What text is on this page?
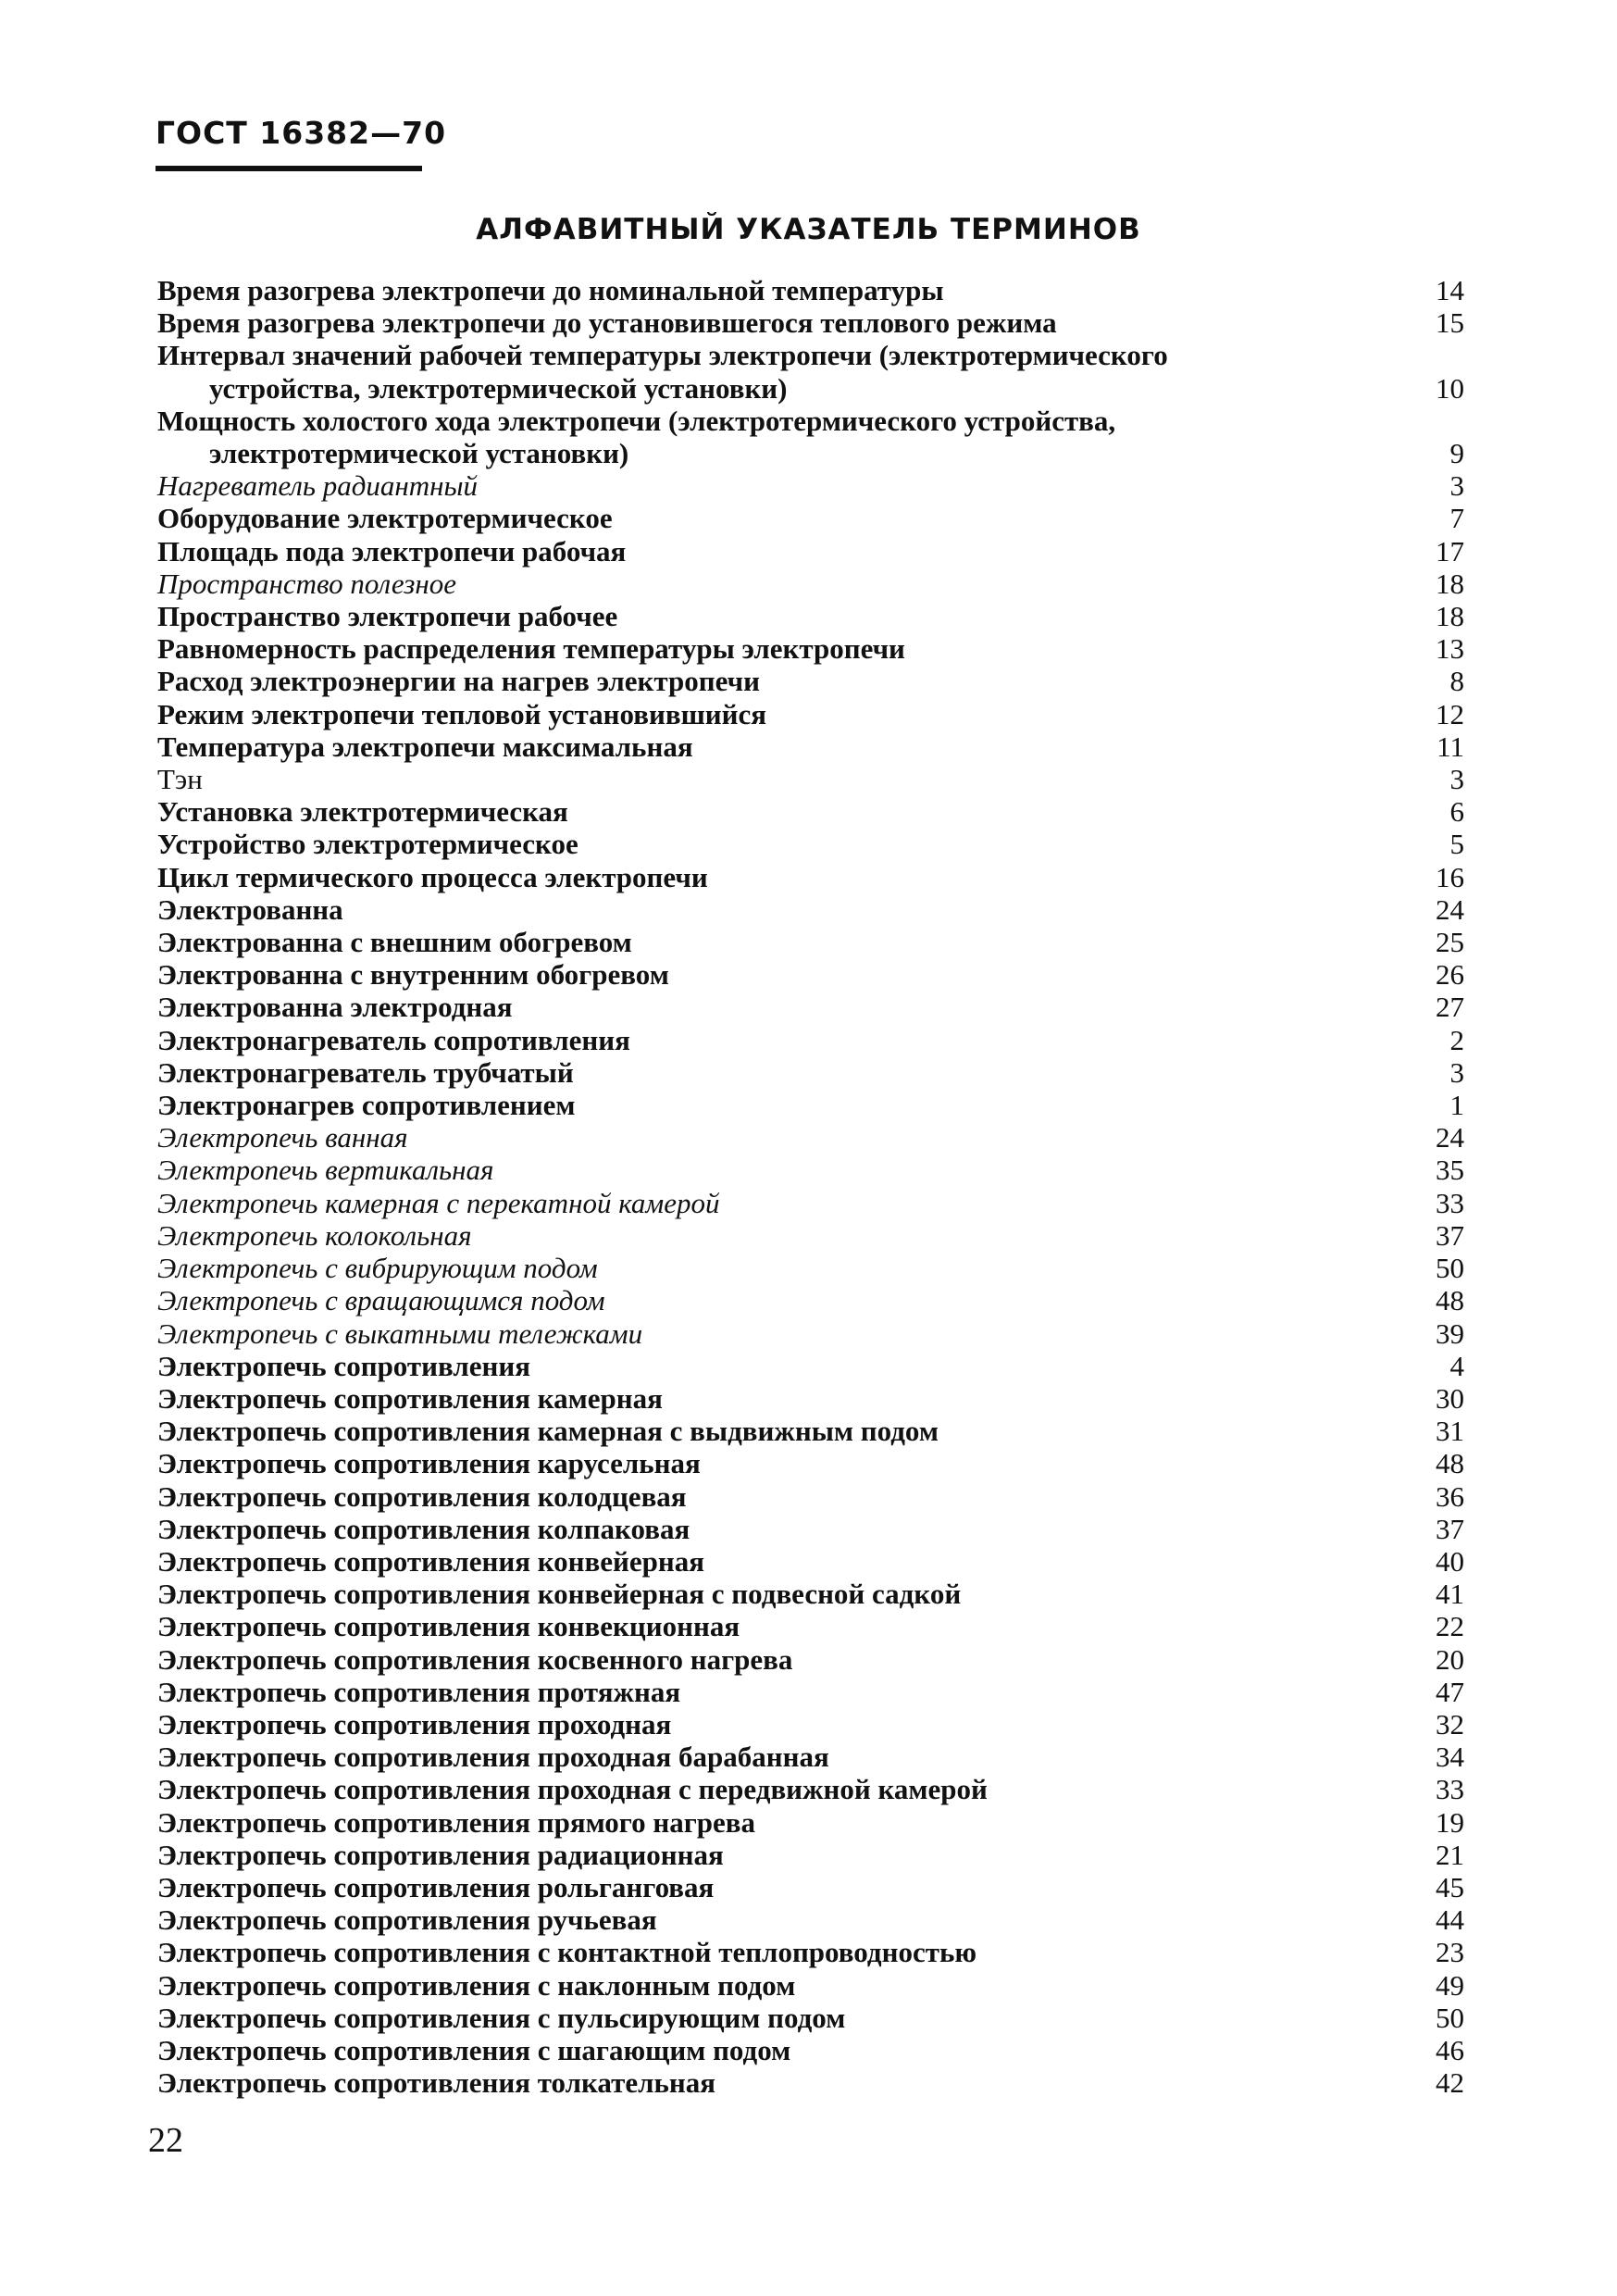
ГОСТ 16382—70

АЛФАВИТНЫЙ УКАЗАТЕЛЬ ТЕРМИНОВ
Время разогрева электропечи до номинальной температуры	14
Время разогрева электропечи до установившегося теплового режима	15
Интервал значений рабочей температуры электропечи (электротермического
устройства, электротермической установки)	10
Мощность холостого хода электропечи (электротермического устройства,
электротермической установки)	9
Нагреватель радиантный	3
Оборудование электротермическое	7
Площадь пода электропечи рабочая	17
Пространство полезное	18
Пространство электропечи рабочее	18
Равномерность распределения температуры электропечи	13
Расход электроэнергии на нагрев электропечи	8
Режим электропечи тепловой установившийся	12
Температура электропечи максимальная	11
Тэн	3
Установка электротермическая	6
Устройство электротермическое	5
Цикл термического процесса электропечи	16
Электрованна	24
Электрованна с внешним обогревом	25
Электрованна с внутренним обогревом	26
Электрованна электродная	27
Электронагреватель сопротивления	2
Электронагреватель трубчатый	3
Электронагрев сопротивлением	1
Электропечь ванная	24
Электропечь вертикальная	35
Электропечь камерная с перекатной камерой	33
Электропечь колокольная	37
Электропечь с вибрирующим подом	50
Электропечь с вращающимся подом	48
Электропечь с выкатными тележками	39
Электропечь сопротивления	4
Электропечь сопротивления камерная	30
Электропечь сопротивления камерная с выдвижным подом	31
Электропечь сопротивления карусельная	48
Электропечь сопротивления колодцевая	36
Электропечь сопротивления колпаковая	37
Электропечь сопротивления конвейерная	40
Электропечь сопротивления конвейерная с подвесной садкой	41
Электропечь сопротивления конвекционная	22
Электропечь сопротивления косвенного нагрева	20
Электропечь сопротивления протяжная	47
Электропечь сопротивления проходная	32
Электропечь сопротивления проходная барабанная	34
Электропечь сопротивления проходная с передвижной камерой	33
Электропечь сопротивления прямого нагрева	19
Электропечь сопротивления радиационная	21
Электропечь сопротивления рольганговая	45
Электропечь сопротивления ручьевая	44
Электропечь сопротивления с контактной теплопроводностью	23
Электропечь сопротивления с наклонным подом	49
Электропечь сопротивления с пульсирующим подом	50
Электропечь сопротивления с шагающим подом	46
Электропечь сопротивления толкательная	42
22
